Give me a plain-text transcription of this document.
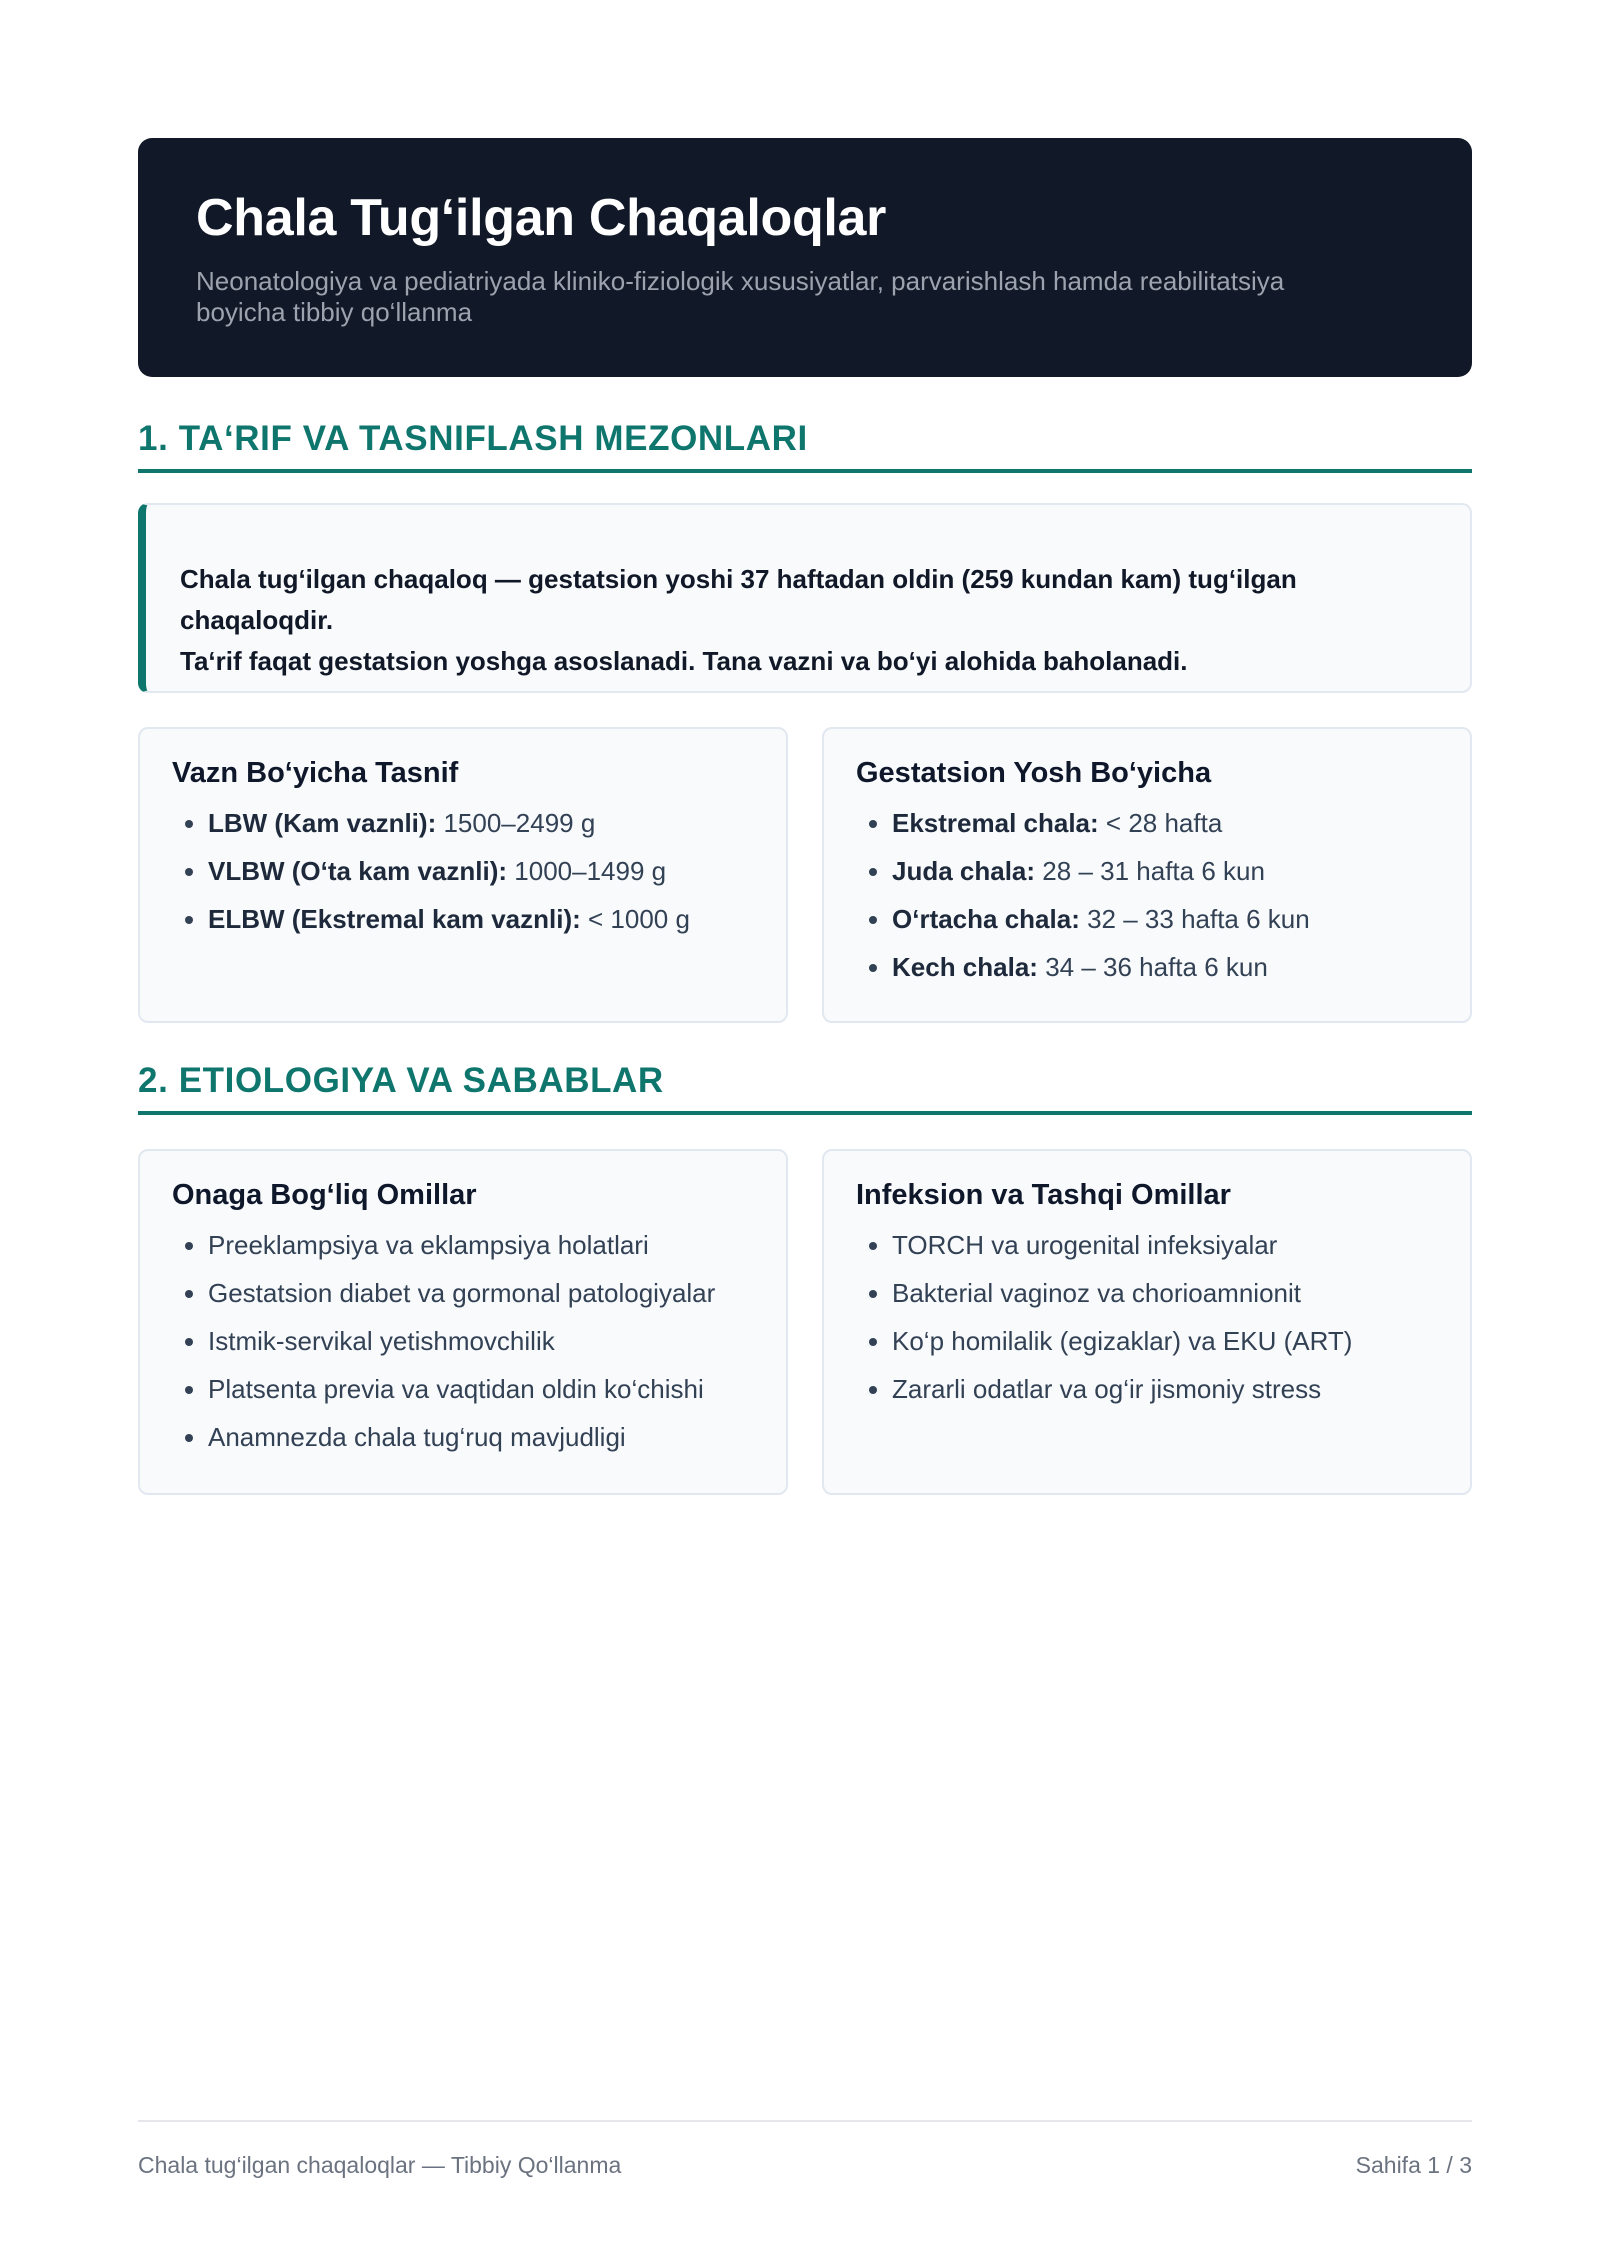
Chala Tug‘ilgan Chaqaloqlar

Neonatologiya va pediatriyada kliniko-fiziologik xususiyatlar, parvarishlash hamda reabilitatsiya boyicha tibbiy qo‘llanma

1. TA‘RIF VA TASNIFLASH MEZONLARI

Chala tug‘ilgan chaqaloq — gestatsion yoshi 37 haftadan oldin (259 kundan kam) tug‘ilgan chaqaloqdir.

Ta‘rif faqat gestatsion yoshga asoslanadi. Tana vazni va bo‘yi alohida baholanadi.

Vazn Bo‘yicha Tasnif
• LBW (Kam vaznli): 1500–2499 g
• VLBW (O‘ta kam vaznli): 1000–1499 g
• ELBW (Ekstremal kam vaznli): < 1000 g
Gestatsion Yosh Bo‘yicha
• Ekstremal chala: < 28 hafta
• Juda chala: 28 – 31 hafta 6 kun
• O‘rtacha chala: 32 – 33 hafta 6 kun
• Kech chala: 34 – 36 hafta 6 kun
2. ETIOLOGIYA VA SABABLAR
Onaga Bog‘liq Omillar
• Preeklampsiya va eklampsiya holatlari
• Gestatsion diabet va gormonal patologiyalar
• Istmik-servikal yetishmovchilik
• Platsenta previa va vaqtidan oldin ko‘chishi
• Anamnezda chala tug‘ruq mavjudligi
Infeksion va Tashqi Omillar
• TORCH va urogenital infeksiyalar
• Bakterial vaginoz va chorioamnionit
• Ko‘p homilalik (egizaklar) va EKU (ART)
• Zararli odatlar va og‘ir jismoniy stress
Chala tug‘ilgan chaqaloqlar — Tibbiy Qo‘llanma	Sahifa 1 / 3
